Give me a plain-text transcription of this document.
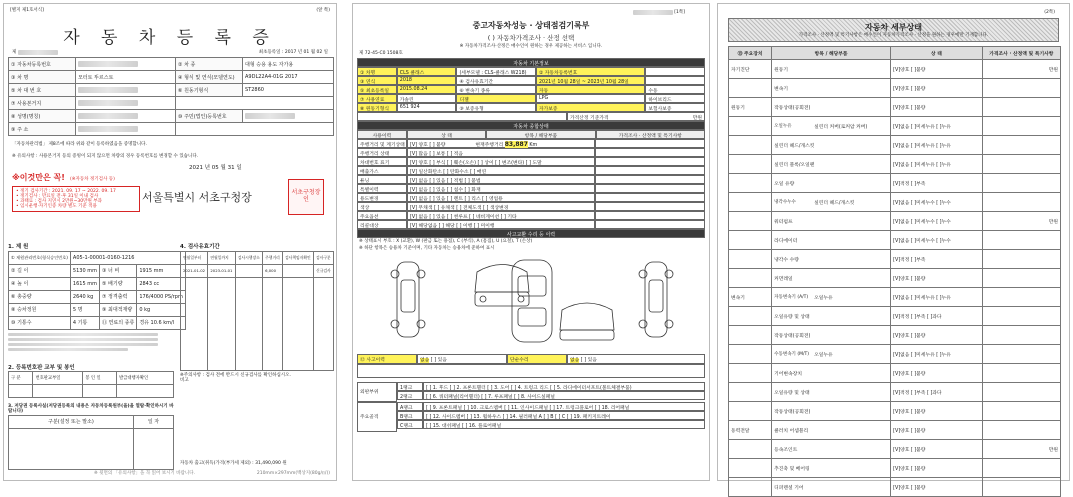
[별지 제1호서식]	(앞 쪽)
자 동 차 등 록 증
제	최초등록일 : 2017 년 01 월 02 일
① 자동차등록번호		② 차 종	대형 승용 용도 자가용
③ 차 명	모터토 뚜르스토	④ 형식 및 연식(모델연도)	A9DL22A4-01G 2017
⑤ 차 대 번 호		⑥ 원동기형식	ST2860
⑦ 사용본거지		
⑧ 성명(명칭)		⑩ 주민(법인)등록번호	
⑨ 주 소		
「자동차관리법」 제8조에 따라 위와 같이 등록하였음을 증명합니다.
※ 유의사항 : 사용본거지 등의 증빙이 되지 않으면 차량의 경우 등록번호를 변경할 수 있습니다.
※이것만은 꼭! (※자동차 정기검사 등)
• 정기 검사기간 : 2021. 09. 17 ~ 2022. 09. 17
• 정기검사 : 만료일 전·후 31일 이내 검사
• 과태료 : 검사 지연시 2만원~30만원 부과
• 임시운행·자기인증 차량 별도 기준 적용
2021 년 05 월 31 일
서울특별시 서초구청장	서초구청장인
1. 제 원
① 제원관리번호(형식승인번호)	A05-1-00001-0160-1216		
② 길 이	5130 mm	③ 너 비	1915 mm
④ 높 이	1615 mm	⑤ 배기량	2843 cc
⑥ 총중량	2640 kg	⑦ 정격출력	176/4000 PS/rpm
⑧ 승차정원	5 명	⑨ 최대적재량	0 kg
⑩ 기통수	4 기통	⑪ 연료의 종류	경유 10.6 km/l

2. 등록번호판 교부 및 봉인
구 분	번호판교부일	봉 인 일	발급대행자확인

3. 저당권 등록사실(저당권등록의 내용은 자동차등록원부(을)을 열람·확인하시기 바랍니다)
구분(설정 또는 말소)	일 자

4. 검사유효기간
연월일부터	연월일까지	검사시행장소	주행거리	검사책임자확인	검사구분
2021-01-02	2023-01-01		6,000		신규검사

※주의사항 : 검사 전에 반드시 신규검사를 확인하십시오.
비고
자동차 출고(취득)가격(부가세 제외) : 31,490,090 원
※ 뒷면의 「유의사항」을 꼭 읽어 보시기 바랍니다.	210mm×297mm(백상지(80g/㎡))
[1쪽]
중고자동차성능 · 상태점검기록부
( ) 자동차가격조사 · 산정 선택
※ 자동차가격조사·산정은 매수인이 원하는 경우 제공하는 서비스 입니다.
제 72-45-C0 1508호
자동차 기본정보
① 차명	CLS 클래스	(세부모델 : CLS-클래스 W218)	② 자동차등록번호
③ 연식	2018	④ 검사유효기간	2021년 10월 28일 ~ 2023년 10월 28일
⑤ 최초등록일	2015.08.24	⑥ 변속기 종류	자동	수동
⑦ 사용연료	가솔린	디젤	LPG	하이브리드
⑧ 원동기형식	651 924	⑨ 보증유형	자가보증	보험사보증
가격산정 기준가격	만원
자동차 종합상태
사용이력	상 태	항목 / 해당부품	가격조사 · 산정액 및 특기사항
주행거리 및 계기상태	[V] 양호 [ ] 불량	현재주행거리 83,887 Km
주행거리 상태	[V] 많음 [ ] 보통 [ ] 적음
차대번호 표기	[V] 양호 [ ] 부식 [ ] 훼손(오손) [ ] 상이 [ ] 변조(변타) [ ] 도말
배출가스	[V] 일산화탄소 [ ] 탄화수소 [ ] 매연
튜닝	[V] 없음 [ ] 있음 [ ] 적법 [ ] 불법
특별이력	[V] 없음 [ ] 있음 [ ] 침수 [ ] 화재
용도변경	[V] 없음 [ ] 있음 [ ] 렌트 [ ] 리스 [ ] 영업용
색상	[V] 무채색 [ ] 유채색 [ ] 전체도색 [ ] 색상변경
주요옵션	[V] 없음 [ ] 있음 [ ] 썬루프 [ ] 네비게이션 [ ] 기타
리콜대상	[V] 해당없음 [ ] 해당 [ ] 이행 [ ] 미이행
사고교환 수리 등 이력
※ 상태표시 부호 : X (교환), W (판금 또는 용접), C (부식), A (흠집), U (요철), T (손상)
※ 하단 항목은 승용차 기준이며, 기타 자동차는 승용차에 준하여 표시
⑫ 사고이력	없음 [ ] 있음	단순수리	없음 [ ] 있음
외판부위
1랭크	[ ] 1. 후드 [ ] 2. 프론트휀더 [ ] 3. 도어 [ ] 4. 트렁크 리드 [ ] 5. 라디에이터서포트(볼트체결부품)
2랭크	[ ] 6. 쿼터패널(리어휀더) [ ] 7. 루프패널 [ ] 8. 사이드실패널
주요골격
A랭크	[ ] 9. 프론트패널 [ ] 10. 크로스멤버 [ ] 11. 인사이드패널 [ ] 17. 트렁크플로어 [ ] 18. 리어패널
B랭크	[ ] 12. 사이드멤버 [ ] 13. 휠하우스 [ ] 14. 필러패널 A [ ] B [ ] C [ ] 19. 패키지트레이
C랭크	[ ] 15. 대쉬패널 [ ] 16. 플로어패널
(2쪽)
자동차 세부상태
가격조사 · 산정액 및 특기사항은 매수인이 자동차가격조사 · 산정을 원하는 경우에만 기재합니다.
⑬ 주요장치	항목 / 해당부품	상 태	가격조사 · 산정액 및 특기사항
자기진단	원동기	[V]양호 [ ]불량	만원
	변속기	[V]양호 [ ]불량	
원동기	작동상태(공회전)	[V]양호 [ ]불량	
	오일누유 실린더 커버(로커암 커버)	[V]없음 [ ]미세누유 [ ]누유	
	실린더 헤드/개스킷	[V]없음 [ ]미세누유 [ ]누유	
	실린더 블록/오일팬	[V]없음 [ ]미세누유 [ ]누유	
	오일 유량	[V]적정 [ ]부족	
	냉각수누수 실린더 헤드/개스킷	[V]없음 [ ]미세누수 [ ]누수	
	워터펌프	[V]없음 [ ]미세누수 [ ]누수	만원
	라디에이터	[V]없음 [ ]미세누수 [ ]누수	
	냉각수 수량	[V]적정 [ ]부족	
	커먼레일	[V]양호 [ ]불량	
변속기	자동변속기 (A/T) 오일누유	[V]없음 [ ]미세누유 [ ]누유	
	오일유량 및 상태	[V]적정 [ ]부족 [ ]과다	
	작동상태(공회전)	[V]양호 [ ]불량	
	수동변속기 (M/T) 오일누유	[V]없음 [ ]미세누유 [ ]누유	
	기어변속장치	[V]양호 [ ]불량	
	오일유량 및 상태	[V]적정 [ ]부족 [ ]과다	
	작동상태(공회전)	[V]양호 [ ]불량	
동력전달	클러치 어셈블리	[V]양호 [ ]불량	
	등속조인트	[V]양호 [ ]불량	만원
	추진축 및 베어링	[V]양호 [ ]불량	
	디퍼렌셜 기어	[V]양호 [ ]불량	
